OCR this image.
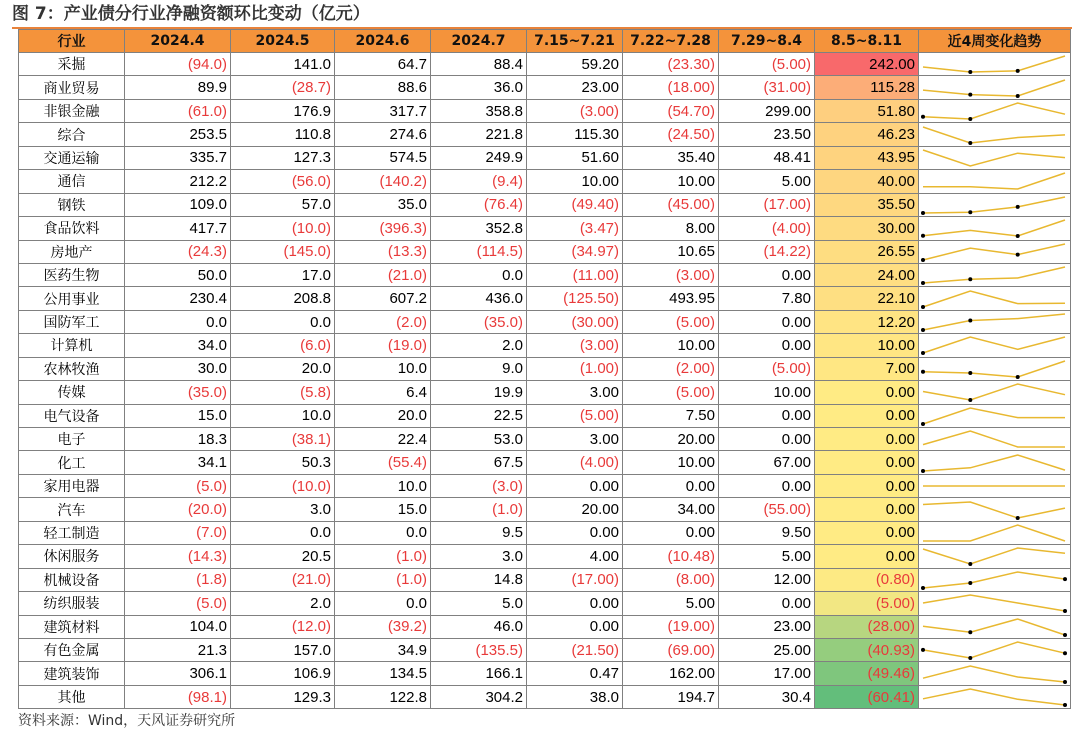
图 7：产业债分行业净融资额环比变动（亿元）
行业	2024.4	2024.5	2024.6	2024.7	7.15~7.21	7.22~7.28	7.29~8.4	8.5~8.11	近4周变化趋势
采掘	(94.0)	141.0	64.7	88.4	59.20	(23.30)	(5.00)	242.00	

商业贸易	89.9	(28.7)	88.6	36.0	23.00	(18.00)	(31.00)	115.28	

非银金融	(61.0)	176.9	317.7	358.8	(3.00)	(54.70)	299.00	51.80	

综合	253.5	110.8	274.6	221.8	115.30	(24.50)	23.50	46.23	

交通运输	335.7	127.3	574.5	249.9	51.60	35.40	48.41	43.95	

通信	212.2	(56.0)	(140.2)	(9.4)	10.00	10.00	5.00	40.00	

钢铁	109.0	57.0	35.0	(76.4)	(49.40)	(45.00)	(17.00)	35.50	

食品饮料	417.7	(10.0)	(396.3)	352.8	(3.47)	8.00	(4.00)	30.00	

房地产	(24.3)	(145.0)	(13.3)	(114.5)	(34.97)	10.65	(14.22)	26.55	

医药生物	50.0	17.0	(21.0)	0.0	(11.00)	(3.00)	0.00	24.00	

公用事业	230.4	208.8	607.2	436.0	(125.50)	493.95	7.80	22.10	

国防军工	0.0	0.0	(2.0)	(35.0)	(30.00)	(5.00)	0.00	12.20	

计算机	34.0	(6.0)	(19.0)	2.0	(3.00)	10.00	0.00	10.00	

农林牧渔	30.0	20.0	10.0	9.0	(1.00)	(2.00)	(5.00)	7.00	

传媒	(35.0)	(5.8)	6.4	19.9	3.00	(5.00)	10.00	0.00	

电气设备	15.0	10.0	20.0	22.5	(5.00)	7.50	0.00	0.00	

电子	18.3	(38.1)	22.4	53.0	3.00	20.00	0.00	0.00	

化工	34.1	50.3	(55.4)	67.5	(4.00)	10.00	67.00	0.00	

家用电器	(5.0)	(10.0)	10.0	(3.0)	0.00	0.00	0.00	0.00	

汽车	(20.0)	3.0	15.0	(1.0)	20.00	34.00	(55.00)	0.00	

轻工制造	(7.0)	0.0	0.0	9.5	0.00	0.00	9.50	0.00	

休闲服务	(14.3)	20.5	(1.0)	3.0	4.00	(10.48)	5.00	0.00	

机械设备	(1.8)	(21.0)	(1.0)	14.8	(17.00)	(8.00)	12.00	(0.80)	

纺织服装	(5.0)	2.0	0.0	5.0	0.00	5.00	0.00	(5.00)	

建筑材料	104.0	(12.0)	(39.2)	46.0	0.00	(19.00)	23.00	(28.00)	

有色金属	21.3	157.0	34.9	(135.5)	(21.50)	(69.00)	25.00	(40.93)	

建筑装饰	306.1	106.9	134.5	166.1	0.47	162.00	17.00	(49.46)	

其他	(98.1)	129.3	122.8	304.2	38.0	194.7	30.4	(60.41)	
资料来源：Wind，天风证券研究所
